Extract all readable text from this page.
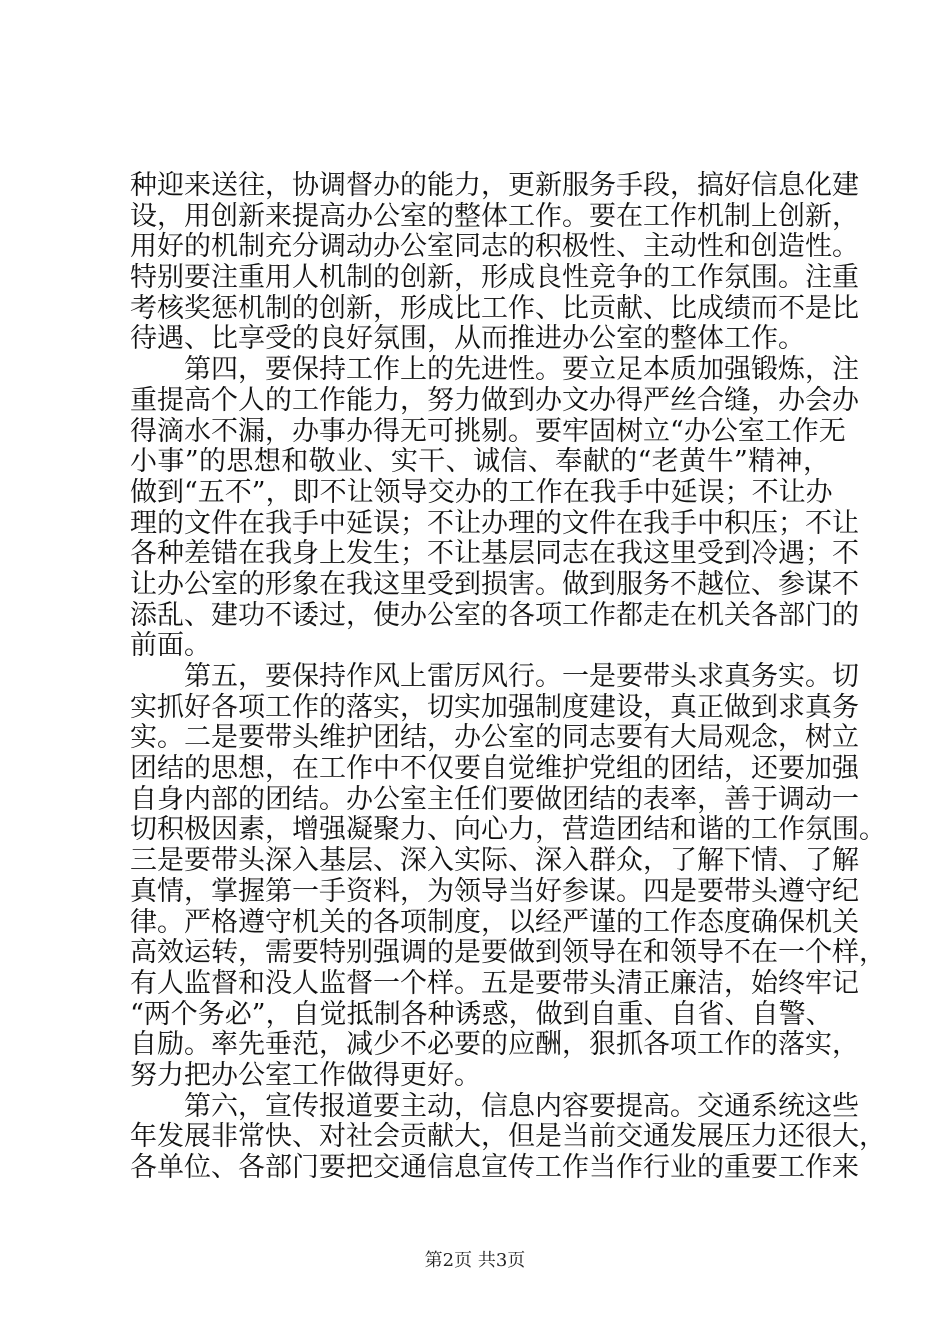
种迎来送往，协调督办的能力，更新服务手段，搞好信息化建
设，用创新来提高办公室的整体工作。要在工作机制上创新，
用好的机制充分调动办公室同志的积极性、主动性和创造性。
特别要注重用人机制的创新，形成良性竞争的工作氛围。注重
考核奖惩机制的创新，形成比工作、比贡献、比成绩而不是比
待遇、比享受的良好氛围，从而推进办公室的整体工作。
第四，要保持工作上的先进性。要立足本质加强锻炼，注
重提高个人的工作能力，努力做到办文办得严丝合缝，办会办
得滴水不漏，办事办得无可挑剔。要牢固树立“办公室工作无
小事”的思想和敬业、实干、诚信、奉献的“老黄牛”精神，
做到“五不”，即不让领导交办的工作在我手中延误；不让办
理的文件在我手中延误；不让办理的文件在我手中积压；不让
各种差错在我身上发生；不让基层同志在我这里受到冷遇；不
让办公室的形象在我这里受到损害。做到服务不越位、参谋不
添乱、建功不诿过，使办公室的各项工作都走在机关各部门的
前面。
第五，要保持作风上雷厉风行。一是要带头求真务实。切
实抓好各项工作的落实，切实加强制度建设，真正做到求真务
实。二是要带头维护团结，办公室的同志要有大局观念，树立
团结的思想，在工作中不仅要自觉维护党组的团结，还要加强
自身内部的团结。办公室主任们要做团结的表率，善于调动一
切积极因素，增强凝聚力、向心力，营造团结和谐的工作氛围。
三是要带头深入基层、深入实际、深入群众，了解下情、了解
真情，掌握第一手资料，为领导当好参谋。四是要带头遵守纪
律。严格遵守机关的各项制度，以经严谨的工作态度确保机关
高效运转，需要特别强调的是要做到领导在和领导不在一个样，
有人监督和没人监督一个样。五是要带头清正廉洁，始终牢记
“两个务必”，自觉抵制各种诱惑，做到自重、自省、自警、
自励。率先垂范，减少不必要的应酬，狠抓各项工作的落实，
努力把办公室工作做得更好。
第六，宣传报道要主动，信息内容要提高。交通系统这些
年发展非常快、对社会贡献大，但是当前交通发展压力还很大，
各单位、各部门要把交通信息宣传工作当作行业的重要工作来
第2页 共3页
